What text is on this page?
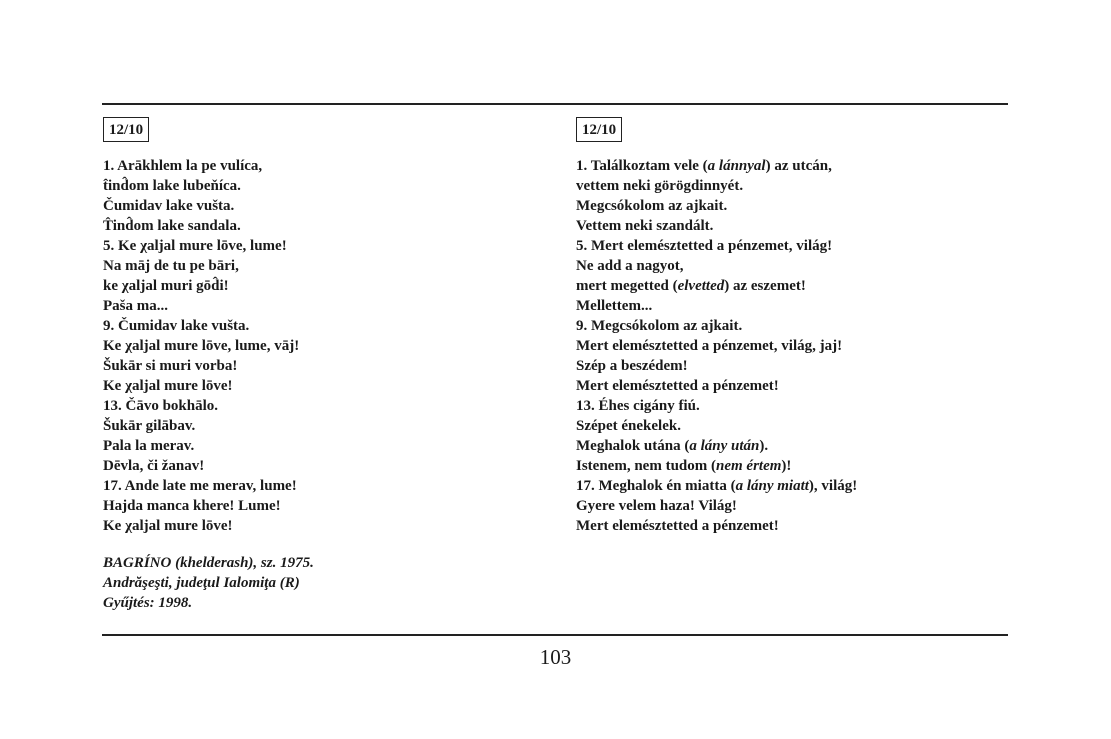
12/10
1. Arākhlem la pe vulíca,
t̂ind̂om lake lubeňíca.
Čumidav lake vušta.
T̂ind̂om lake sandala.
5. Ke χaljal mure lōve, lume!
Na māj de tu pe bāri,
ke χaljal muri gōd̂i!
Paša ma...
9. Čumidav lake vušta.
Ke χaljal mure lōve, lume, vāj!
Šukār si muri vorba!
Ke χaljal mure lōve!
13. Čāvo bokhālo.
Šukār gilābav.
Pala la merav.
Dēvla, či žanav!
17. Ande late me merav, lume!
Hajda manca khere! Lume!
Ke χaljal mure lōve!
BAGRÍNO (khelderash), sz. 1975.
Andrăşeşti, judeţul Ialomiţa (R)
Gyűjtés: 1998.
12/10
1. Találkoztam vele (a lánnyal) az utcán,
vettem neki görögdinnyét.
Megcsókolom az ajkait.
Vettem neki szandált.
5. Mert elemésztetted a pénzemet, világ!
Ne add a nagyot,
mert megetted (elvetted) az eszemet!
Mellettem...
9. Megcsókolom az ajkait.
Mert elemésztetted a pénzemet, világ, jaj!
Szép a beszédem!
Mert elemésztetted a pénzemet!
13. Éhes cigány fiú.
Szépet énekelek.
Meghalok utána (a lány után).
Istenem, nem tudom (nem értem)!
17. Meghalok én miatta (a lány miatt), világ!
Gyere velem haza! Világ!
Mert elemésztetted a pénzemet!
103
